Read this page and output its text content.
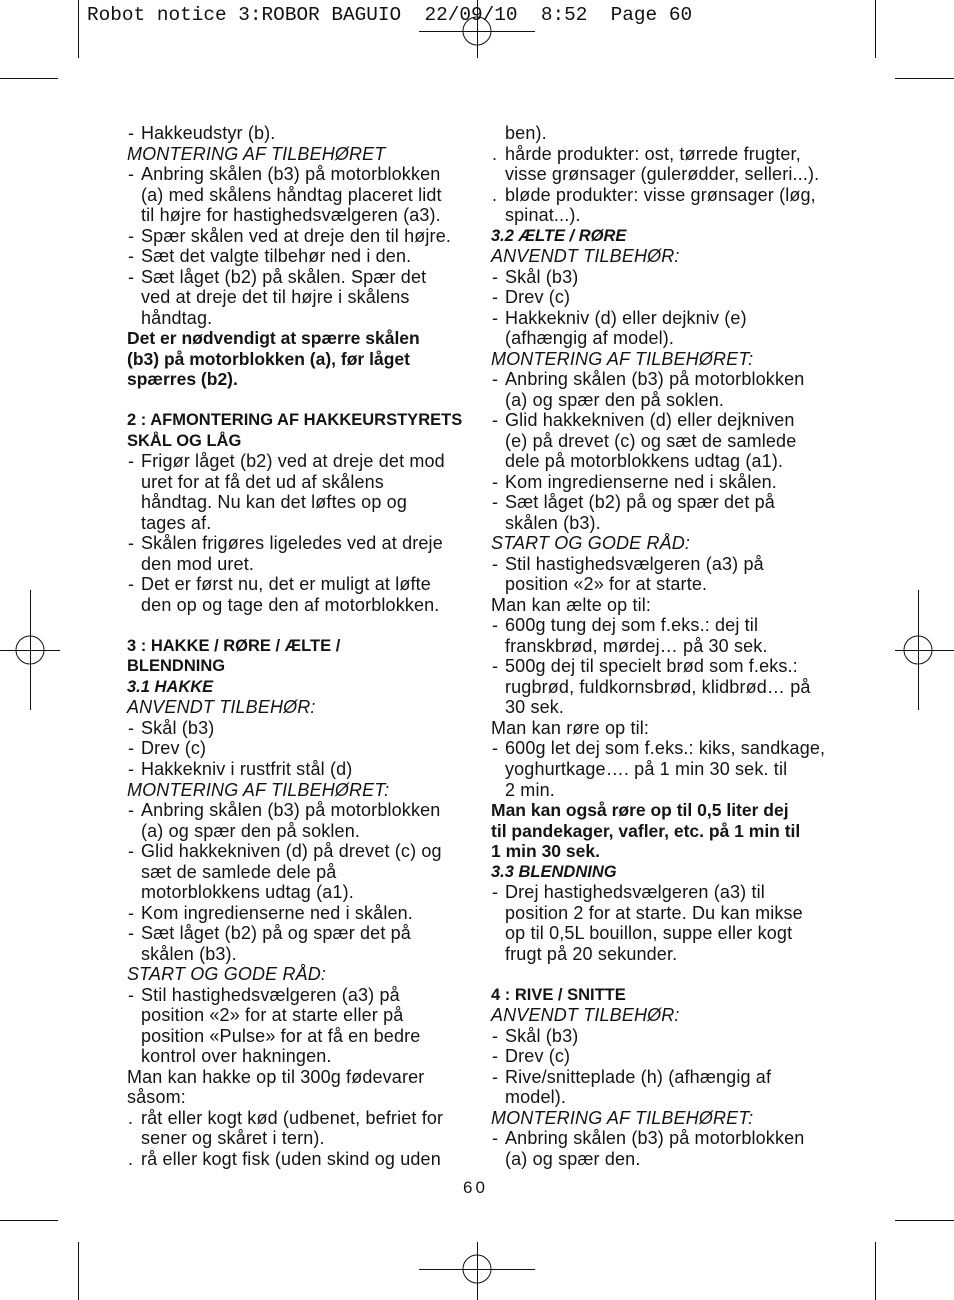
Robot notice 3:ROBOR BAGUIO  22/09/10  8:52  Page 60
- Hakkeudstyr (b).
MONTERING AF TILBEHØRET
- Anbring skålen (b3) på motorblokken
(a) med skålens håndtag placeret lidt
til højre for hastighedsvælgeren (a3).
- Spær skålen ved at dreje den til højre.
- Sæt det valgte tilbehør ned i den.
- Sæt låget (b2) på skålen. Spær det
ved at dreje det til højre i skålens
håndtag.
Det er nødvendigt at spærre skålen
(b3) på motorblokken (a), før låget
spærres (b2).
2 : AFMONTERING AF HAKKEURSTYRETS
SKÅL OG LÅG
- Frigør låget (b2) ved at dreje det mod
uret for at få det ud af skålens
håndtag. Nu kan det løftes op og
tages af.
- Skålen frigøres ligeledes ved at dreje
den mod uret.
- Det er først nu, det er muligt at løfte
den op og tage den af motorblokken.
3 : HAKKE / RØRE / ÆLTE /
BLENDNING
3.1 HAKKE
ANVENDT TILBEHØR:
- Skål (b3)
- Drev (c)
- Hakkekniv i rustfrit stål (d)
MONTERING AF TILBEHØRET:
- Anbring skålen (b3) på motorblokken
(a) og spær den på soklen.
- Glid hakkekniven (d) på drevet (c) og
sæt de samlede dele på
motorblokkens udtag (a1).
- Kom ingredienserne ned i skålen.
- Sæt låget (b2) på og spær det på
skålen (b3).
START OG GODE RÅD:
- Stil hastighedsvælgeren (a3) på
position «2» for at starte eller på
position «Pulse» for at få en bedre
kontrol over hakningen.
Man kan hakke op til 300g fødevarer
såsom:
. råt eller kogt kød (udbenet, befriet for
sener og skåret i tern).
. rå eller kogt fisk (uden skind og uden
ben).
. hårde produkter: ost, tørrede frugter,
visse grønsager (gulerødder, selleri...).
. bløde produkter: visse grønsager (løg,
spinat...).
3.2 ÆLTE / RØRE
ANVENDT TILBEHØR:
- Skål (b3)
- Drev (c)
- Hakkekniv (d) eller dejkniv (e)
(afhængig af model).
MONTERING AF TILBEHØRET:
- Anbring skålen (b3) på motorblokken
(a) og spær den på soklen.
- Glid hakkekniven (d) eller dejkniven
(e) på drevet (c) og sæt de samlede
dele på motorblokkens udtag (a1).
- Kom ingredienserne ned i skålen.
- Sæt låget (b2) på og spær det på
skålen (b3).
START OG GODE RÅD:
- Stil hastighedsvælgeren (a3) på
position «2» for at starte.
Man kan ælte op til:
- 600g tung dej som f.eks.: dej til
franskbrød, mørdej… på 30 sek.
- 500g dej til specielt brød som f.eks.:
rugbrød, fuldkornsbrød, klidbrød… på
30 sek.
Man kan røre op til:
- 600g let dej som f.eks.: kiks, sandkage,
yoghurtkage…. på 1 min 30 sek. til
2 min.
Man kan også røre op til 0,5 liter dej
til pandekager, vafler, etc. på 1 min til
1 min 30 sek.
3.3 BLENDNING
- Drej hastighedsvælgeren (a3) til
position 2 for at starte. Du kan mikse
op til 0,5L bouillon, suppe eller kogt
frugt på 20 sekunder.
4 : RIVE / SNITTE
ANVENDT TILBEHØR:
- Skål (b3)
- Drev (c)
- Rive/snitteplade (h) (afhængig af
model).
MONTERING AF TILBEHØRET:
- Anbring skålen (b3) på motorblokken
(a) og spær den.
60
